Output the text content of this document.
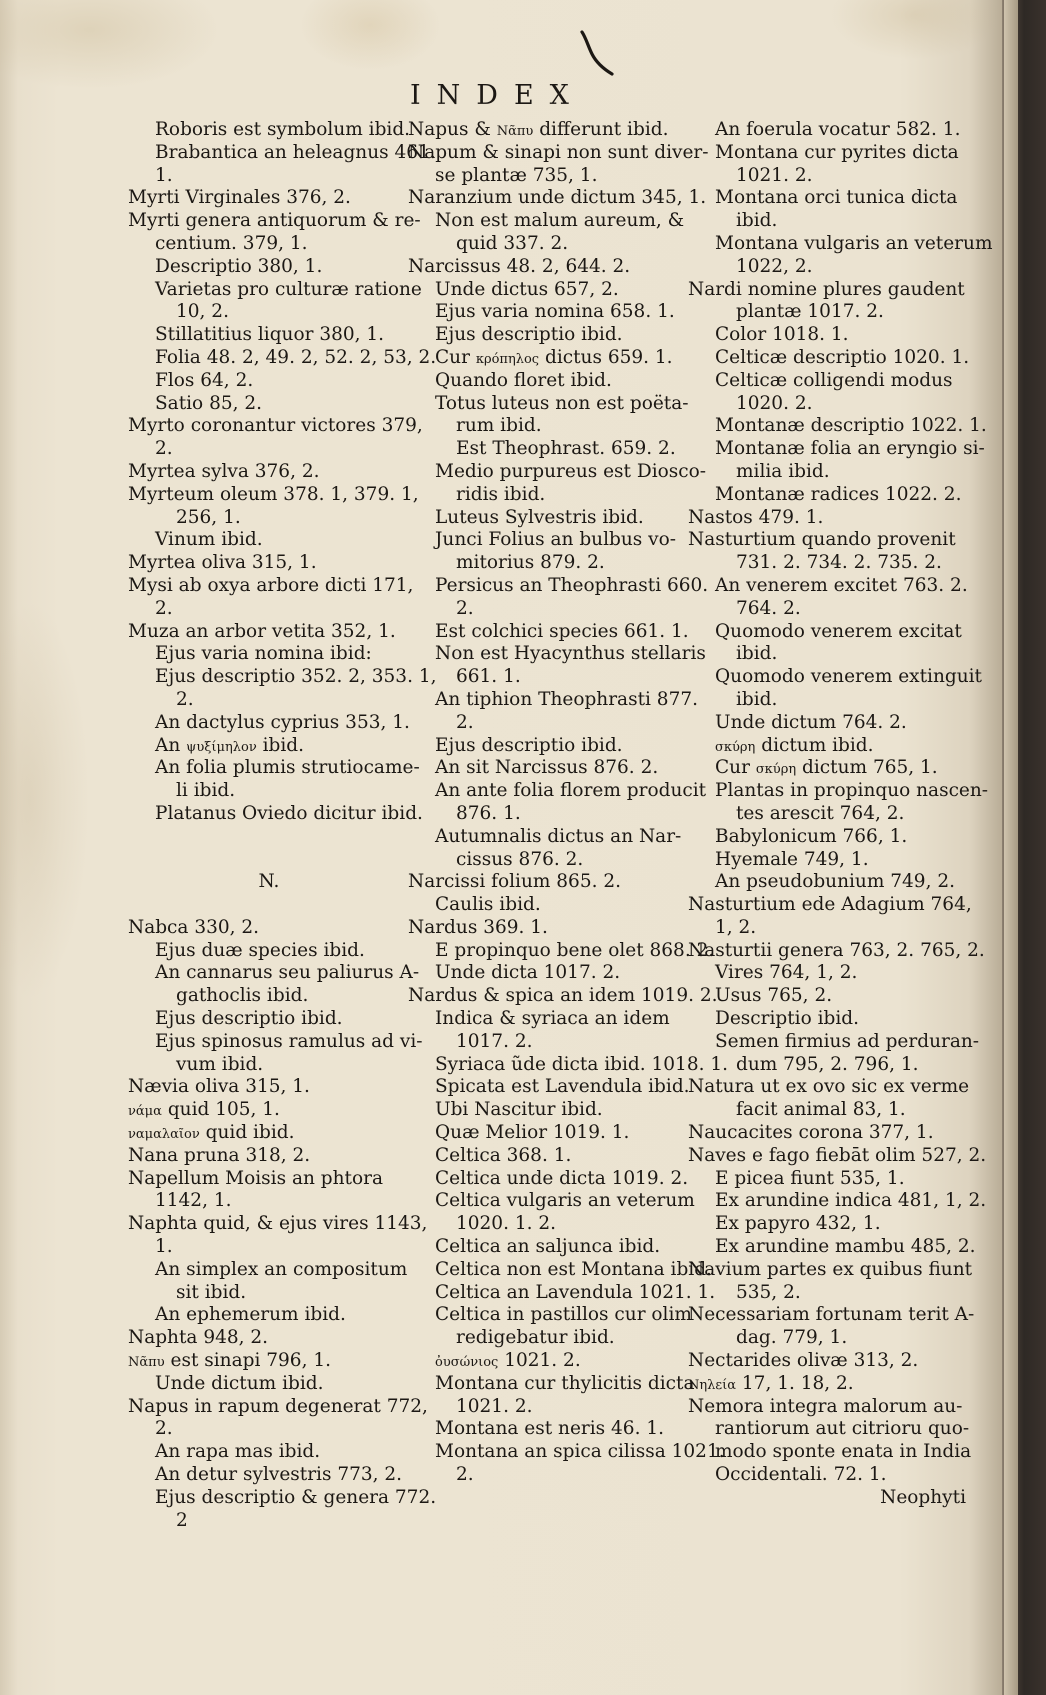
INDEX
Roboris est symbolum ibid.
Brabantica an heleagnus 461.
1.
Myrti Virginales 376, 2.
Myrti genera antiquorum & re-
centium. 379, 1.
Descriptio 380, 1.
Varietas pro culturæ ratione
10, 2.
Stillatitius liquor 380, 1.
Folia 48. 2, 49. 2, 52. 2, 53, 2.
Flos 64, 2.
Satio 85, 2.
Myrto coronantur victores 379,
2.
Myrtea sylva 376, 2.
Myrteum oleum 378. 1, 379. 1,
256, 1.
Vinum ibid.
Myrtea oliva 315, 1.
Mysi ab oxya arbore dicti 171,
2.
Muza an arbor vetita 352, 1.
Ejus varia nomina ibid:
Ejus descriptio 352. 2, 353. 1,
2.
An dactylus cyprius 353, 1.
An ψυξίμηλον ibid.
An folia plumis strutiocame-
li ibid.
Platanus Oviedo dicitur ibid.
N.
Nabca 330, 2.
Ejus duæ species ibid.
An cannarus seu paliurus A-
gathoclis ibid.
Ejus descriptio ibid.
Ejus spinosus ramulus ad vi-
vum ibid.
Nævia oliva 315, 1.
νάμα quid 105, 1.
ναμαλαῖον quid ibid.
Nana pruna 318, 2.
Napellum Moisis an phtora
1142, 1.
Naphta quid, & ejus vires 1143,
1.
An simplex an compositum
sit ibid.
An ephemerum ibid.
Naphta 948, 2.
Νᾶπυ est sinapi 796, 1.
Unde dictum ibid.
Napus in rapum degenerat 772,
2.
An rapa mas ibid.
An detur sylvestris 773, 2.
Ejus descriptio & genera 772.
2
Napus & Νᾶπυ differunt ibid.
Napum & sinapi non sunt diver-
se plantæ 735, 1.
Naranzium unde dictum 345, 1.
Non est malum aureum, &
quid 337. 2.
Narcissus 48. 2, 644. 2.
Unde dictus 657, 2.
Ejus varia nomina 658. 1.
Ejus descriptio ibid.
Cur κρόπηλος dictus 659. 1.
Quando floret ibid.
Totus luteus non est poëta-
rum ibid.
Est Theophrast. 659. 2.
Medio purpureus est Diosco-
ridis ibid.
Luteus Sylvestris ibid.
Junci Folius an bulbus vo-
mitorius 879. 2.
Persicus an Theophrasti 660.
2.
Est colchici species 661. 1.
Non est Hyacynthus stellaris
661. 1.
An tiphion Theophrasti 877.
2.
Ejus descriptio ibid.
An sit Narcissus 876. 2.
An ante folia florem producit
876. 1.
Autumnalis dictus an Nar-
cissus 876. 2.
Narcissi folium 865. 2.
Caulis ibid.
Nardus 369. 1.
E propinquo bene olet 868. 2.
Unde dicta 1017. 2.
Nardus & spica an idem 1019. 2.
Indica & syriaca an idem
1017. 2.
Syriaca ũde dicta ibid. 1018. 1.
Spicata est Lavendula ibid.
Ubi Nascitur ibid.
Quæ Melior 1019. 1.
Celtica 368. 1.
Celtica unde dicta 1019. 2.
Celtica vulgaris an veterum
1020. 1. 2.
Celtica an saljunca ibid.
Celtica non est Montana ibid.
Celtica an Lavendula 1021. 1.
Celtica in pastillos cur olim
redigebatur ibid.
ὀυσώνιος 1021. 2.
Montana cur thylicitis dicta
1021. 2.
Montana est neris 46. 1.
Montana an spica cilissa 1021.
2.
An foerula vocatur 582. 1.
Montana cur pyrites dicta
1021. 2.
Montana orci tunica dicta
ibid.
Montana vulgaris an veterum
1022, 2.
Nardi nomine plures gaudent
plantæ 1017. 2.
Color 1018. 1.
Celticæ descriptio 1020. 1.
Celticæ colligendi modus
1020. 2.
Montanæ descriptio 1022. 1.
Montanæ folia an eryngio si-
milia ibid.
Montanæ radices 1022. 2.
Nastos 479. 1.
Nasturtium quando provenit
731. 2. 734. 2. 735. 2.
An venerem excitet 763. 2.
764. 2.
Quomodo venerem excitat
ibid.
Quomodo venerem extinguit
ibid.
Unde dictum 764. 2.
σκύρη dictum ibid.
Cur σκύρη dictum 765, 1.
Plantas in propinquo nascen-
tes arescit 764, 2.
Babylonicum 766, 1.
Hyemale 749, 1.
An pseudobunium 749, 2.
Nasturtium ede Adagium 764,
1, 2.
Nasturtii genera 763, 2. 765, 2.
Vires 764, 1, 2.
Usus 765, 2.
Descriptio ibid.
Semen firmius ad perduran-
dum 795, 2. 796, 1.
Natura ut ex ovo sic ex verme
facit animal 83, 1.
Naucacites corona 377, 1.
Naves e fago fiebāt olim 527, 2.
E picea fiunt 535, 1.
Ex arundine indica 481, 1, 2.
Ex papyro 432, 1.
Ex arundine mambu 485, 2.
Navium partes ex quibus fiunt
535, 2.
Necessariam fortunam terit A-
dag. 779, 1.
Nectarides olivæ 313, 2.
Νηλεία 17, 1. 18, 2.
Nemora integra malorum au-
rantiorum aut citrioru quo-
modo sponte enata in India
Occidentali. 72. 1.
Neophyti
